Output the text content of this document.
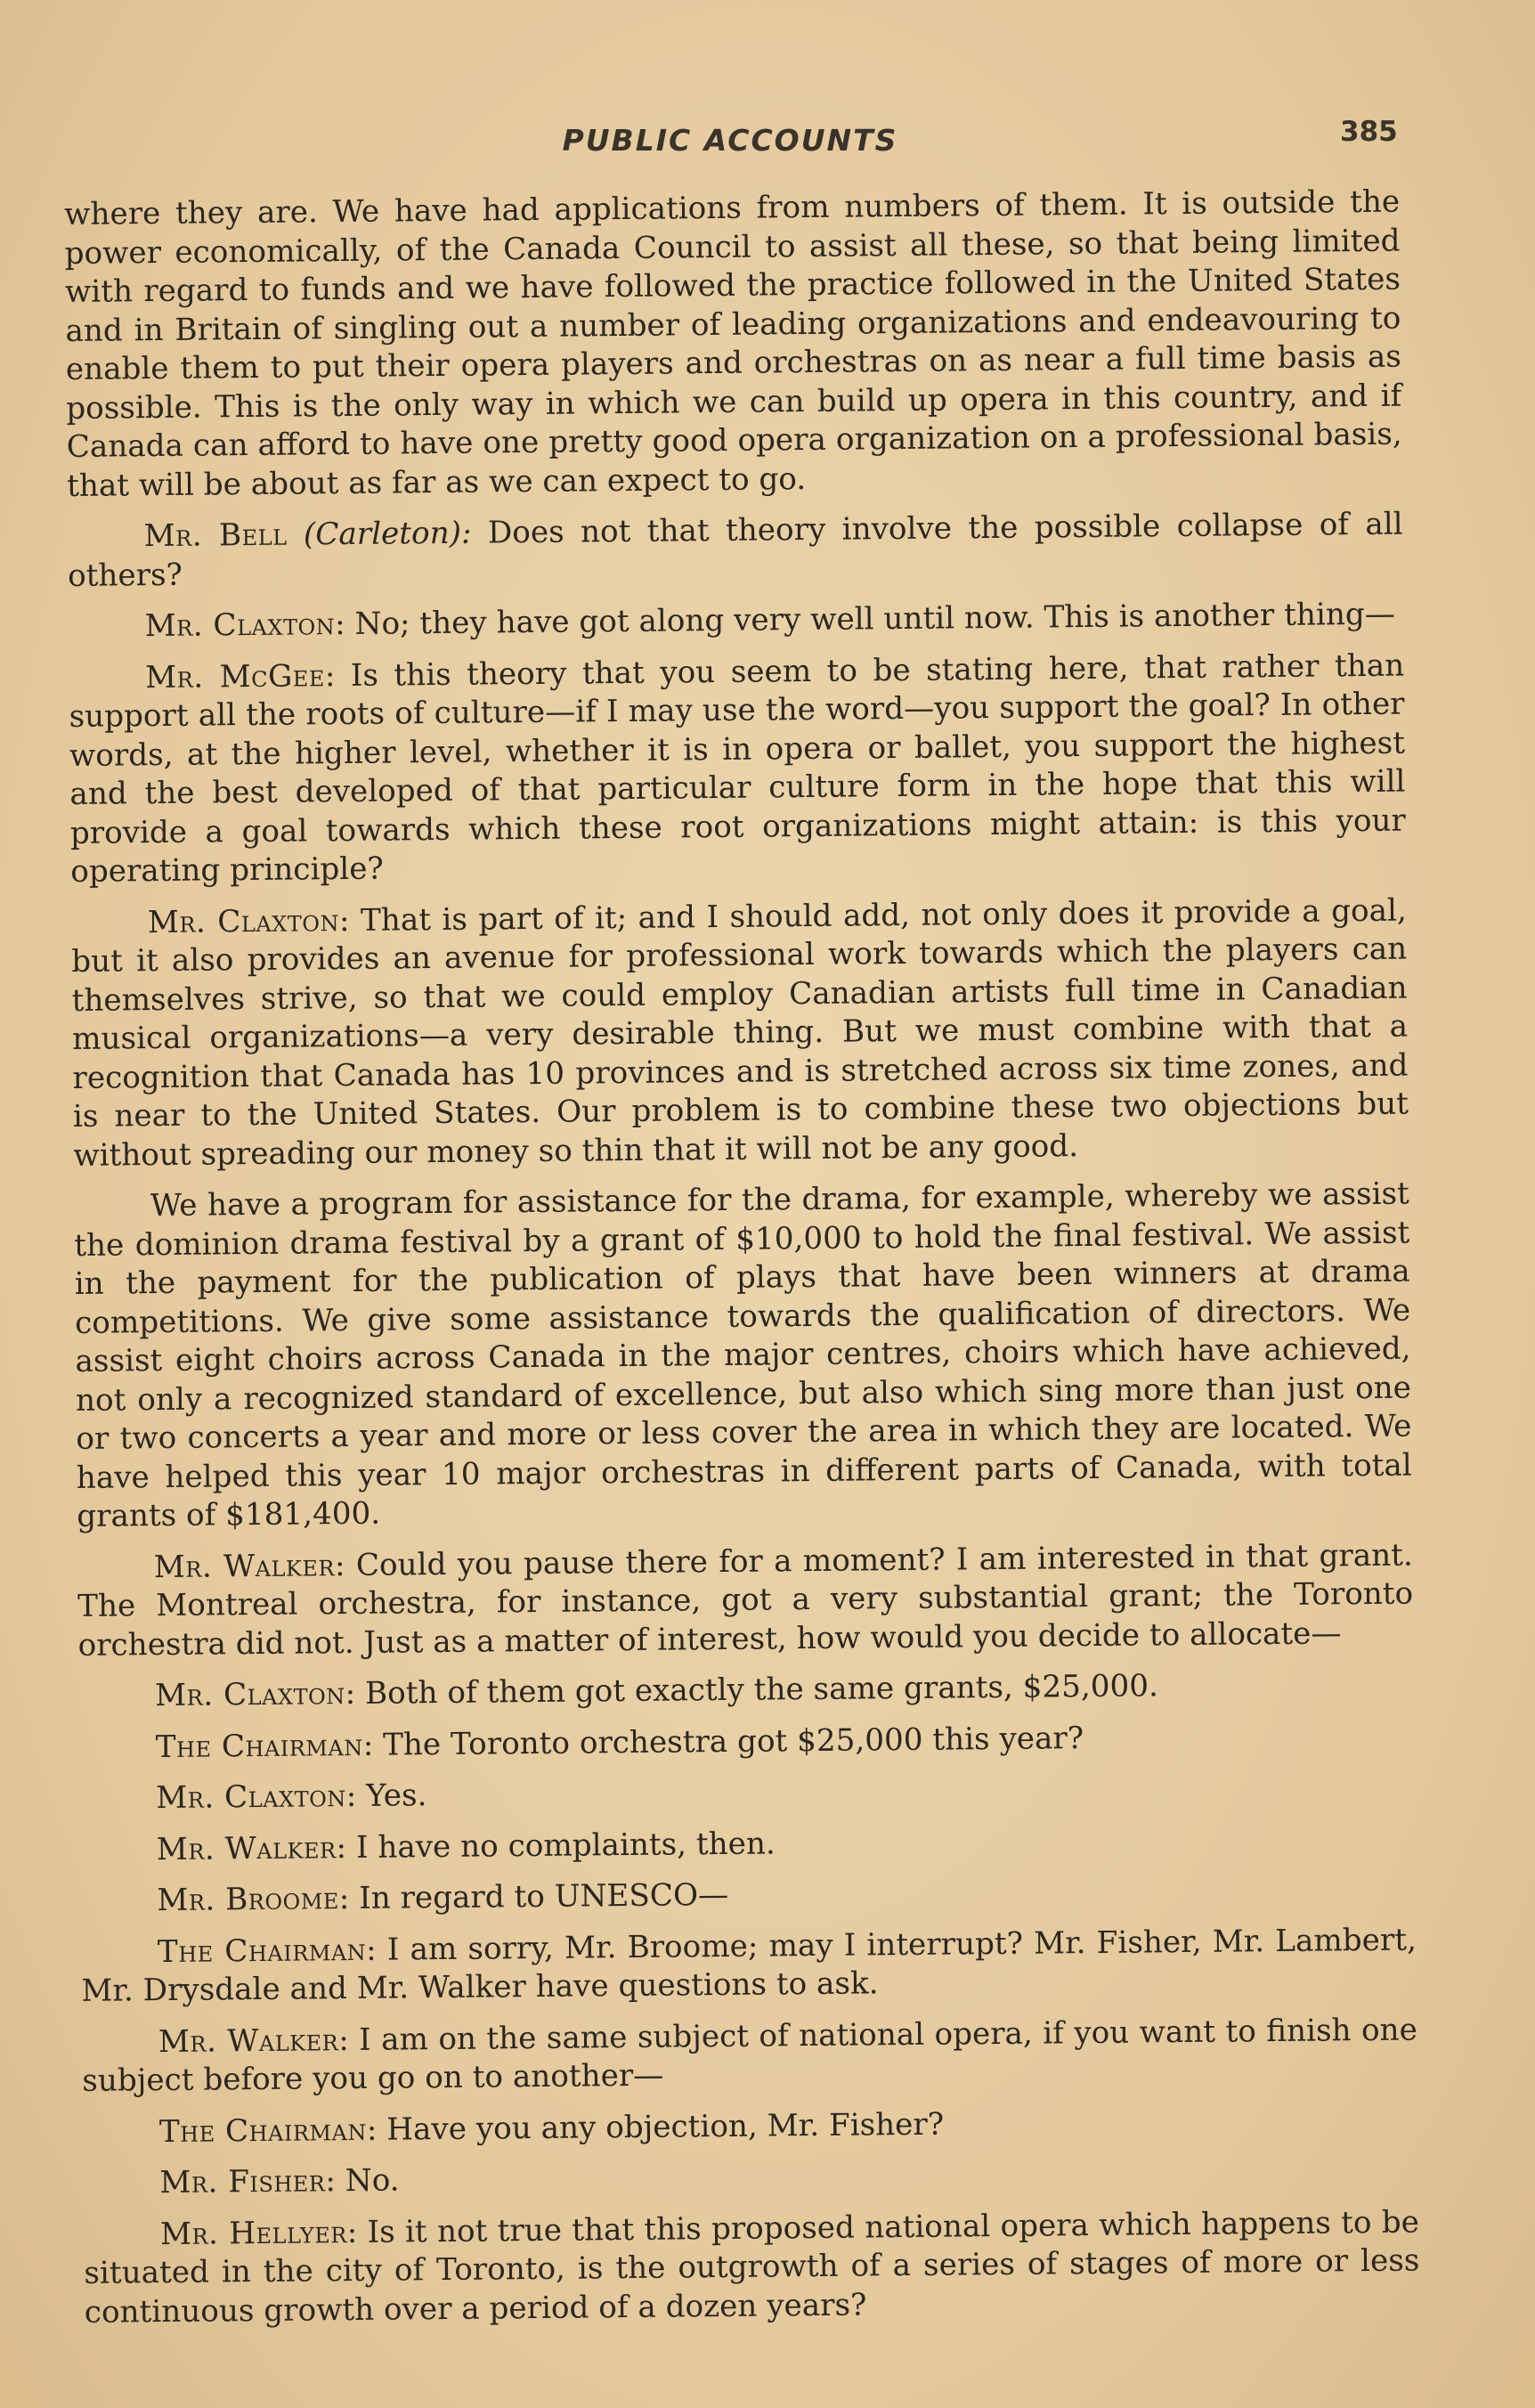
PUBLIC ACCOUNTS	385

where they are. We have had applications from numbers of them. It is outside the power economically, of the Canada Council to assist all these, so that being limited with regard to funds and we have followed the practice followed in the United States and in Britain of singling out a number of leading organizations and endeavouring to enable them to put their opera players and orchestras on as near a full time basis as possible. This is the only way in which we can build up opera in this country, and if Canada can afford to have one pretty good opera organization on a professional basis, that will be about as far as we can expect to go.

Mr. Bell (Carleton): Does not that theory involve the possible collapse of all others?

Mr. Claxton: No; they have got along very well until now. This is another thing—

Mr. McGee: Is this theory that you seem to be stating here, that rather than support all the roots of culture—if I may use the word—you support the goal? In other words, at the higher level, whether it is in opera or ballet, you support the highest and the best developed of that particular culture form in the hope that this will provide a goal towards which these root organizations might attain: is this your operating principle?

Mr. Claxton: That is part of it; and I should add, not only does it provide a goal, but it also provides an avenue for professional work towards which the players can themselves strive, so that we could employ Canadian artists full time in Canadian musical organizations—a very desirable thing. But we must combine with that a recognition that Canada has 10 provinces and is stretched across six time zones, and is near to the United States. Our problem is to combine these two objections but without spreading our money so thin that it will not be any good.

We have a program for assistance for the drama, for example, whereby we assist the dominion drama festival by a grant of $10,000 to hold the final festival. We assist in the payment for the publication of plays that have been winners at drama competitions. We give some assistance towards the qualification of directors. We assist eight choirs across Canada in the major centres, choirs which have achieved, not only a recognized standard of excellence, but also which sing more than just one or two concerts a year and more or less cover the area in which they are located. We have helped this year 10 major orchestras in different parts of Canada, with total grants of $181,400.

Mr. Walker: Could you pause there for a moment? I am interested in that grant. The Montreal orchestra, for instance, got a very substantial grant; the Toronto orchestra did not. Just as a matter of interest, how would you decide to allocate—

Mr. Claxton: Both of them got exactly the same grants, $25,000.

The Chairman: The Toronto orchestra got $25,000 this year?

Mr. Claxton: Yes.

Mr. Walker: I have no complaints, then.

Mr. Broome: In regard to UNESCO—

The Chairman: I am sorry, Mr. Broome; may I interrupt? Mr. Fisher, Mr. Lambert, Mr. Drysdale and Mr. Walker have questions to ask.

Mr. Walker: I am on the same subject of national opera, if you want to finish one subject before you go on to another—

The Chairman: Have you any objection, Mr. Fisher?

Mr. Fisher: No.

Mr. Hellyer: Is it not true that this proposed national opera which happens to be situated in the city of Toronto, is the outgrowth of a series of stages of more or less continuous growth over a period of a dozen years?
